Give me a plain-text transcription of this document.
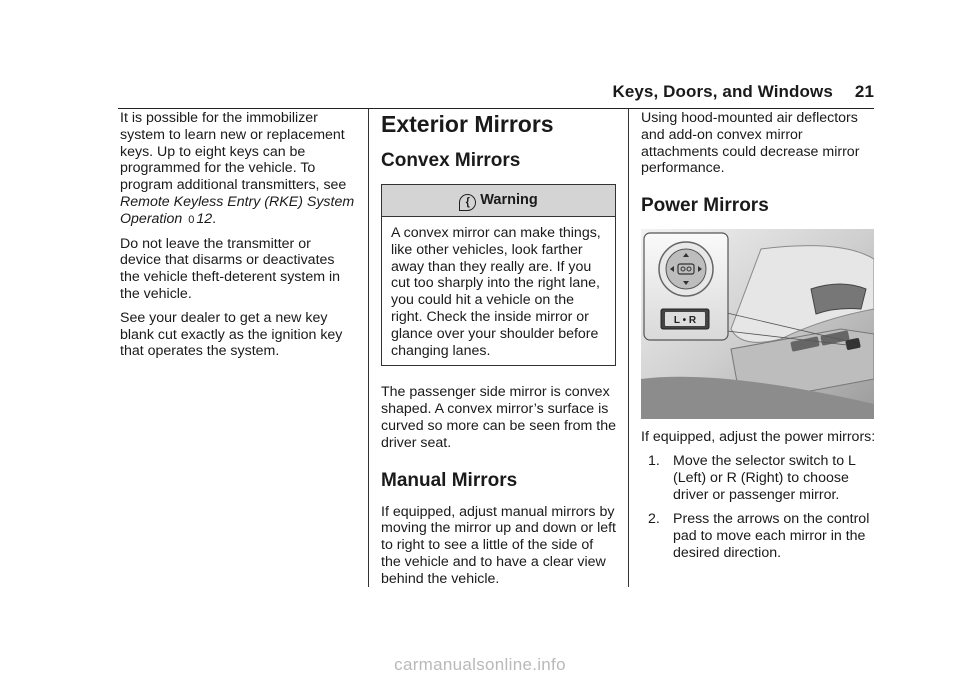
Keys, Doors, and Windows 21

It is possible for the immobilizer system to learn new or replacement keys. Up to eight keys can be programmed for the vehicle. To program additional transmitters, see Remote Keyless Entry (RKE) System Operation 0 12.

Do not leave the transmitter or device that disarms or deactivates the vehicle theft-deterent system in the vehicle.

See your dealer to get a new key blank cut exactly as the ignition key that operates the system.

Exterior Mirrors
Convex Mirrors
{ Warning
A convex mirror can make things, like other vehicles, look farther away than they really are. If you cut too sharply into the right lane, you could hit a vehicle on the right. Check the inside mirror or glance over your shoulder before changing lanes.

The passenger side mirror is convex shaped. A convex mirror’s surface is curved so more can be seen from the driver seat.

Manual Mirrors

If equipped, adjust manual mirrors by moving the mirror up and down or left to right to see a little of the side of the vehicle and to have a clear view behind the vehicle.

Using hood-mounted air deflectors and add-on convex mirror attachments could decrease mirror performance.

Power Mirrors
L • R

If equipped, adjust the power mirrors:

1. Move the selector switch to L (Left) or R (Right) to choose driver or passenger mirror.
2. Press the arrows on the control pad to move each mirror in the desired direction.
carmanualsonline.info
